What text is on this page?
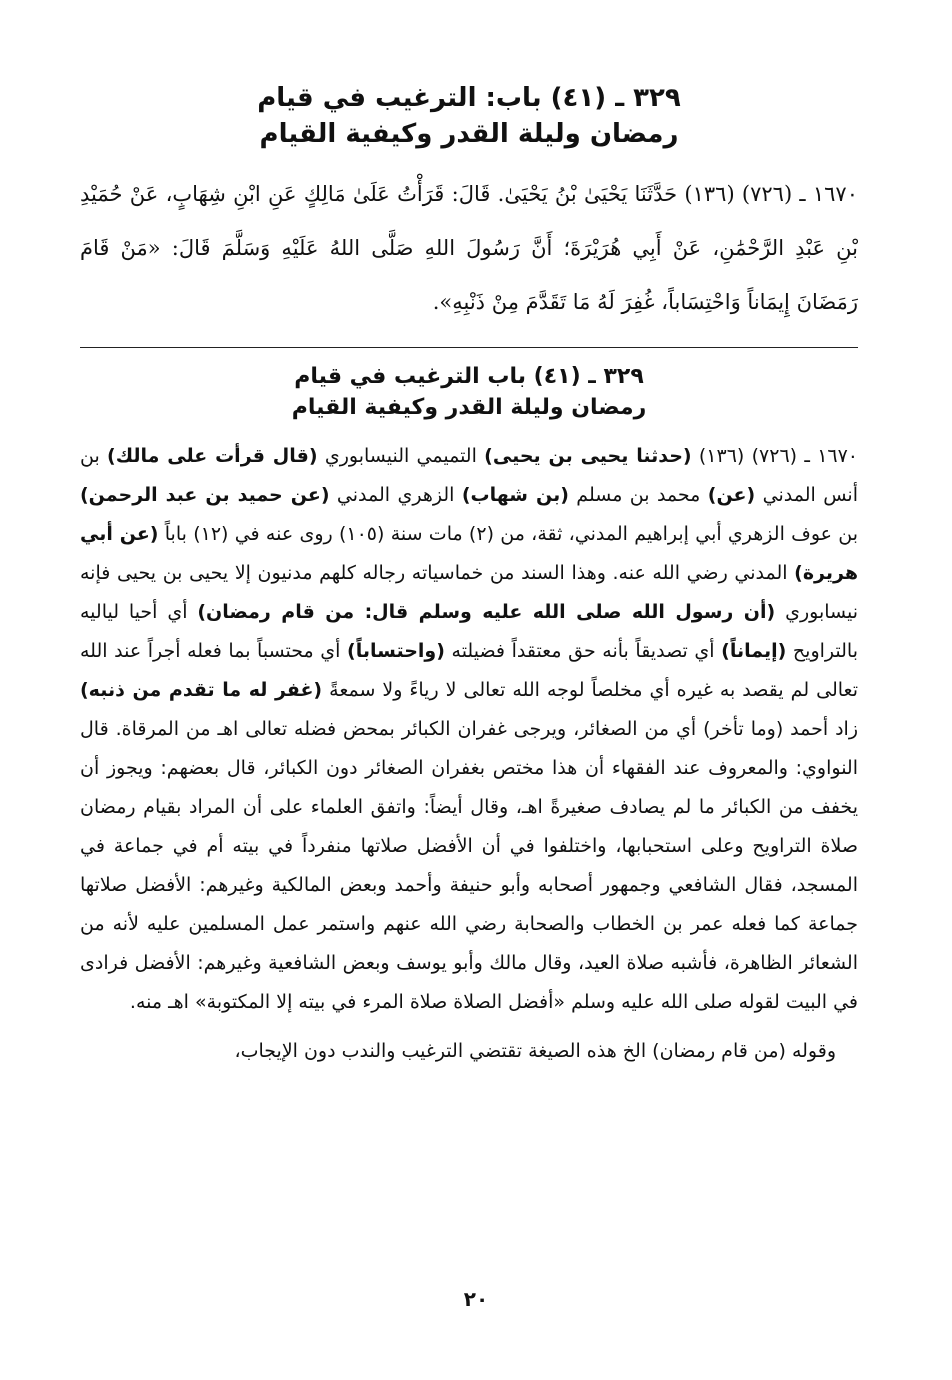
٣٢٩ ـ (٤١) باب: الترغيب في قيام
رمضان وليلة القدر وكيفية القيام
١٦٧٠ ـ (٧٢٦) (١٣٦) حَدَّثَنَا يَحْيَىٰ بْنُ يَحْيَىٰ. قَالَ: قَرَأْتُ عَلَىٰ مَالِكٍ عَنِ ابْنِ شِهَابٍ، عَنْ حُمَيْدِ بْنِ عَبْدِ الرَّحْمَٰنِ، عَنْ أَبِي هُرَيْرَةَ؛ أَنَّ رَسُولَ اللهِ صَلَّى اللهُ عَلَيْهِ وَسَلَّمَ قَالَ: «مَنْ قَامَ رَمَضَانَ إِيمَاناً وَاحْتِسَاباً، غُفِرَ لَهُ مَا تَقَدَّمَ مِنْ ذَنْبِهِ».
٣٢٩ ـ (٤١) باب الترغيب في قيام
رمضان وليلة القدر وكيفية القيام
١٦٧٠ ـ (٧٢٦) (١٣٦) (حدثنا يحيى بن يحيى) التميمي النيسابوري (قال قرأت على مالك) بن أنس المدني (عن) محمد بن مسلم (بن شهاب) الزهري المدني (عن حميد بن عبد الرحمن) بن عوف الزهري أبي إبراهيم المدني، ثقة، من (٢) مات سنة (١٠٥) روى عنه في (١٢) باباً (عن أبي هريرة) المدني رضي الله عنه. وهذا السند من خماسياته رجاله كلهم مدنيون إلا يحيى بن يحيى فإنه نيسابوري (أن رسول الله صلى الله عليه وسلم قال: من قام رمضان) أي أحيا لياليه بالتراويح (إيماناً) أي تصديقاً بأنه حق معتقداً فضيلته (واحتساباً) أي محتسباً بما فعله أجراً عند الله تعالى لم يقصد به غيره أي مخلصاً لوجه الله تعالى لا رياءً ولا سمعةً (غفر له ما تقدم من ذنبه) زاد أحمد (وما تأخر) أي من الصغائر، ويرجى غفران الكبائر بمحض فضله تعالى اهـ من المرقاة. قال النواوي: والمعروف عند الفقهاء أن هذا مختص بغفران الصغائر دون الكبائر، قال بعضهم: ويجوز أن يخفف من الكبائر ما لم يصادف صغيرةً اهـ، وقال أيضاً: واتفق العلماء على أن المراد بقيام رمضان صلاة التراويح وعلى استحبابها، واختلفوا في أن الأفضل صلاتها منفرداً في بيته أم في جماعة في المسجد، فقال الشافعي وجمهور أصحابه وأبو حنيفة وأحمد وبعض المالكية وغيرهم: الأفضل صلاتها جماعة كما فعله عمر بن الخطاب والصحابة رضي الله عنهم واستمر عمل المسلمين عليه لأنه من الشعائر الظاهرة، فأشبه صلاة العيد، وقال مالك وأبو يوسف وبعض الشافعية وغيرهم: الأفضل فرادى في البيت لقوله صلى الله عليه وسلم «أفضل الصلاة صلاة المرء في بيته إلا المكتوبة» اهـ منه.
وقوله (من قام رمضان) الخ هذه الصيغة تقتضي الترغيب والندب دون الإيجاب،
٢٠
